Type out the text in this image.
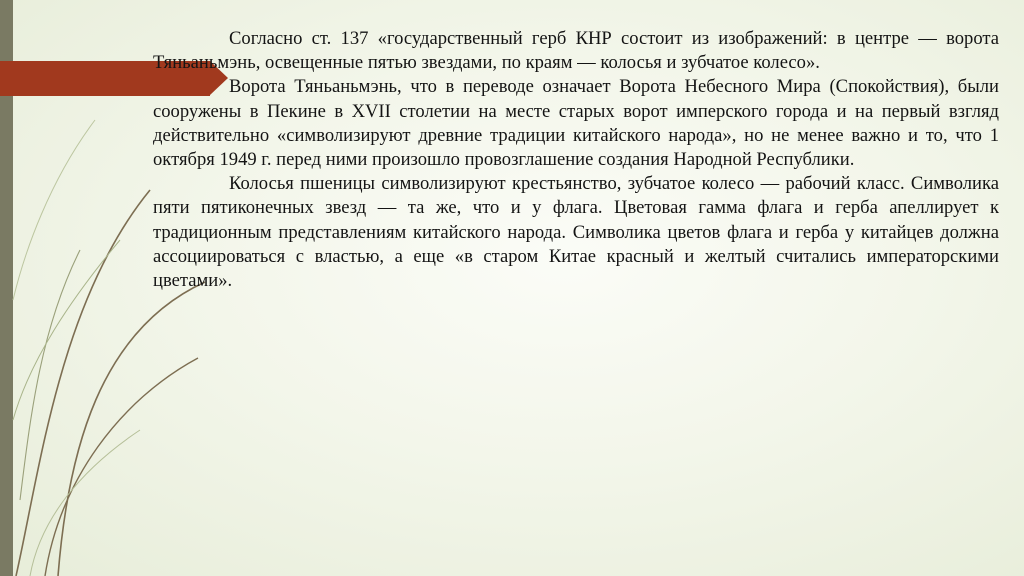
Согласно ст. 137 «государственный герб КНР состоит из изображений: в центре — ворота Тяньаньмэнь, освещенные пятью звездами, по краям — колосья и зубчатое колесо».

Ворота Тяньаньмэнь, что в переводе означает Ворота Небесного Мира (Спокойствия), были сооружены в Пекине в XVII столетии на месте старых ворот имперского города и на первый взгляд действительно «символизируют древние традиции китайского народа», но не менее важно и то, что 1 октября 1949 г. перед ними произошло провозглашение создания Народной Республики.

Колосья пшеницы символизируют крестьянство, зубчатое колесо — рабочий класс. Символика пяти пятиконечных звезд — та же, что и у флага. Цветовая гамма флага и герба апеллирует к традиционным представлениям китайского народа. Символика цветов флага и герба у китайцев должна ассоциироваться с властью, а еще «в старом Китае красный и желтый считались императорскими цветами».
